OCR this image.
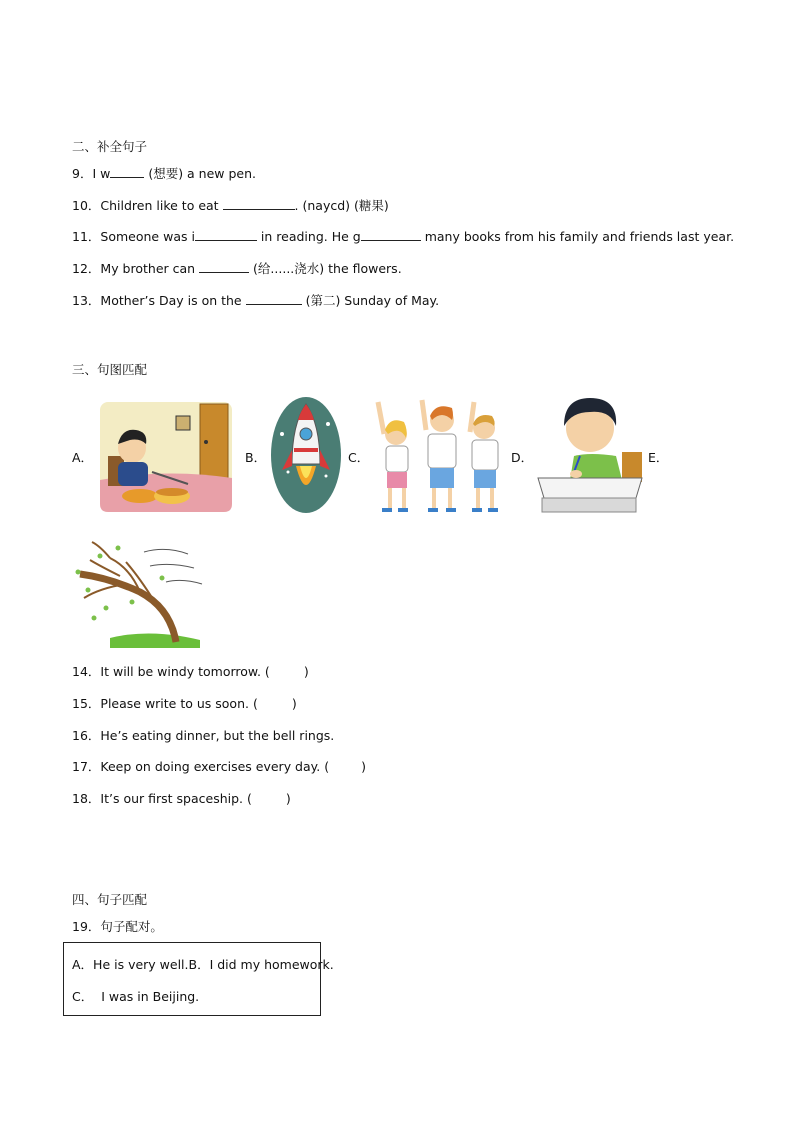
二、补全句子
9．I w	(想要) a new pen.
10．Children like to eat	. (naycd) (糖果)
11．Someone was i	in reading. He g	many books from his family and friends last year.
12．My brother can	(给......浇水) the flowers.
13．Mother’s Day is on the	(第二) Sunday of May.
三、句图匹配
A．	B．	C．	D．	E．
14．It will be windy tomorrow. (	)
15．Please write to us soon. (	)
16．He’s eating dinner, but the bell rings.
17．Keep on doing exercises every day. (	)
18．It’s our first spaceship. (	)
四、句子匹配
19．句子配对。
A．He is very well.B．I did my homework.
C． I was in Beijing.
